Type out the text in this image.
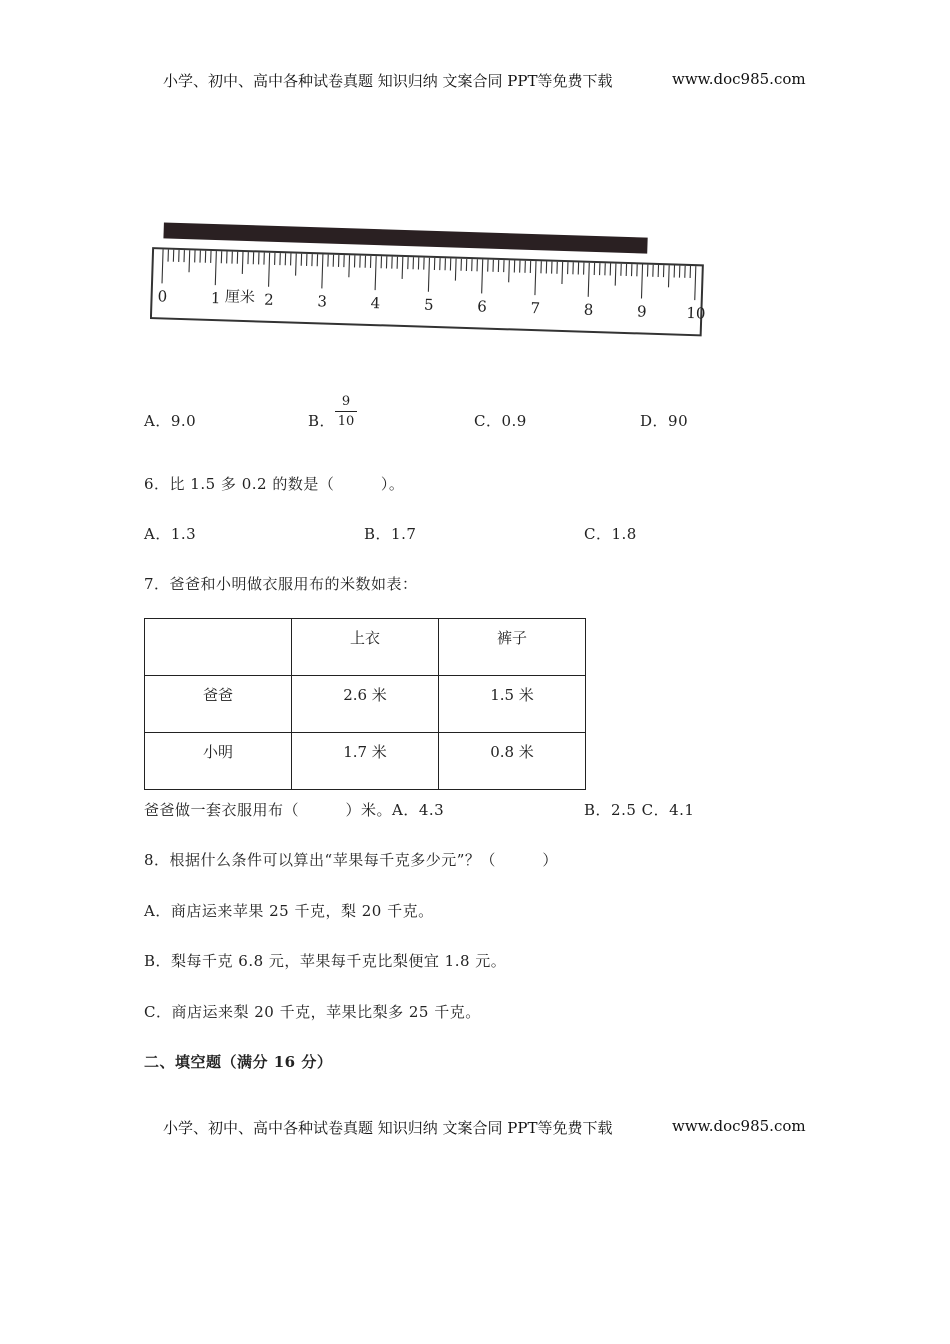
小学、初中、高中各种试卷真题 知识归纳 文案合同 PPT等免费下载	www.doc985.com
0	1	2	3	4	5	6	7	8	9	10
厘米
A．9.0	B．
9
10	C．0.9	D．90
6．比 1.5 多 0.2 的数是（　　　）。
A．1.3	B．1.7	C．1.8
7．爸爸和小明做衣服用布的米数如表：
	上衣	裤子
爸爸	2.6 米	1.5 米
小明	1.7 米	0.8 米
爸爸做一套衣服用布（　　　）米。A．4.3	B．2.5 C．4.1
8．根据什么条件可以算出“苹果每千克多少元”？（　　　）
A．商店运来苹果 25 千克，梨 20 千克。
B．梨每千克 6.8 元，苹果每千克比梨便宜 1.8 元。
C．商店运来梨 20 千克，苹果比梨多 25 千克。
二、填空题（满分 16 分）
小学、初中、高中各种试卷真题 知识归纳 文案合同 PPT等免费下载	www.doc985.com
